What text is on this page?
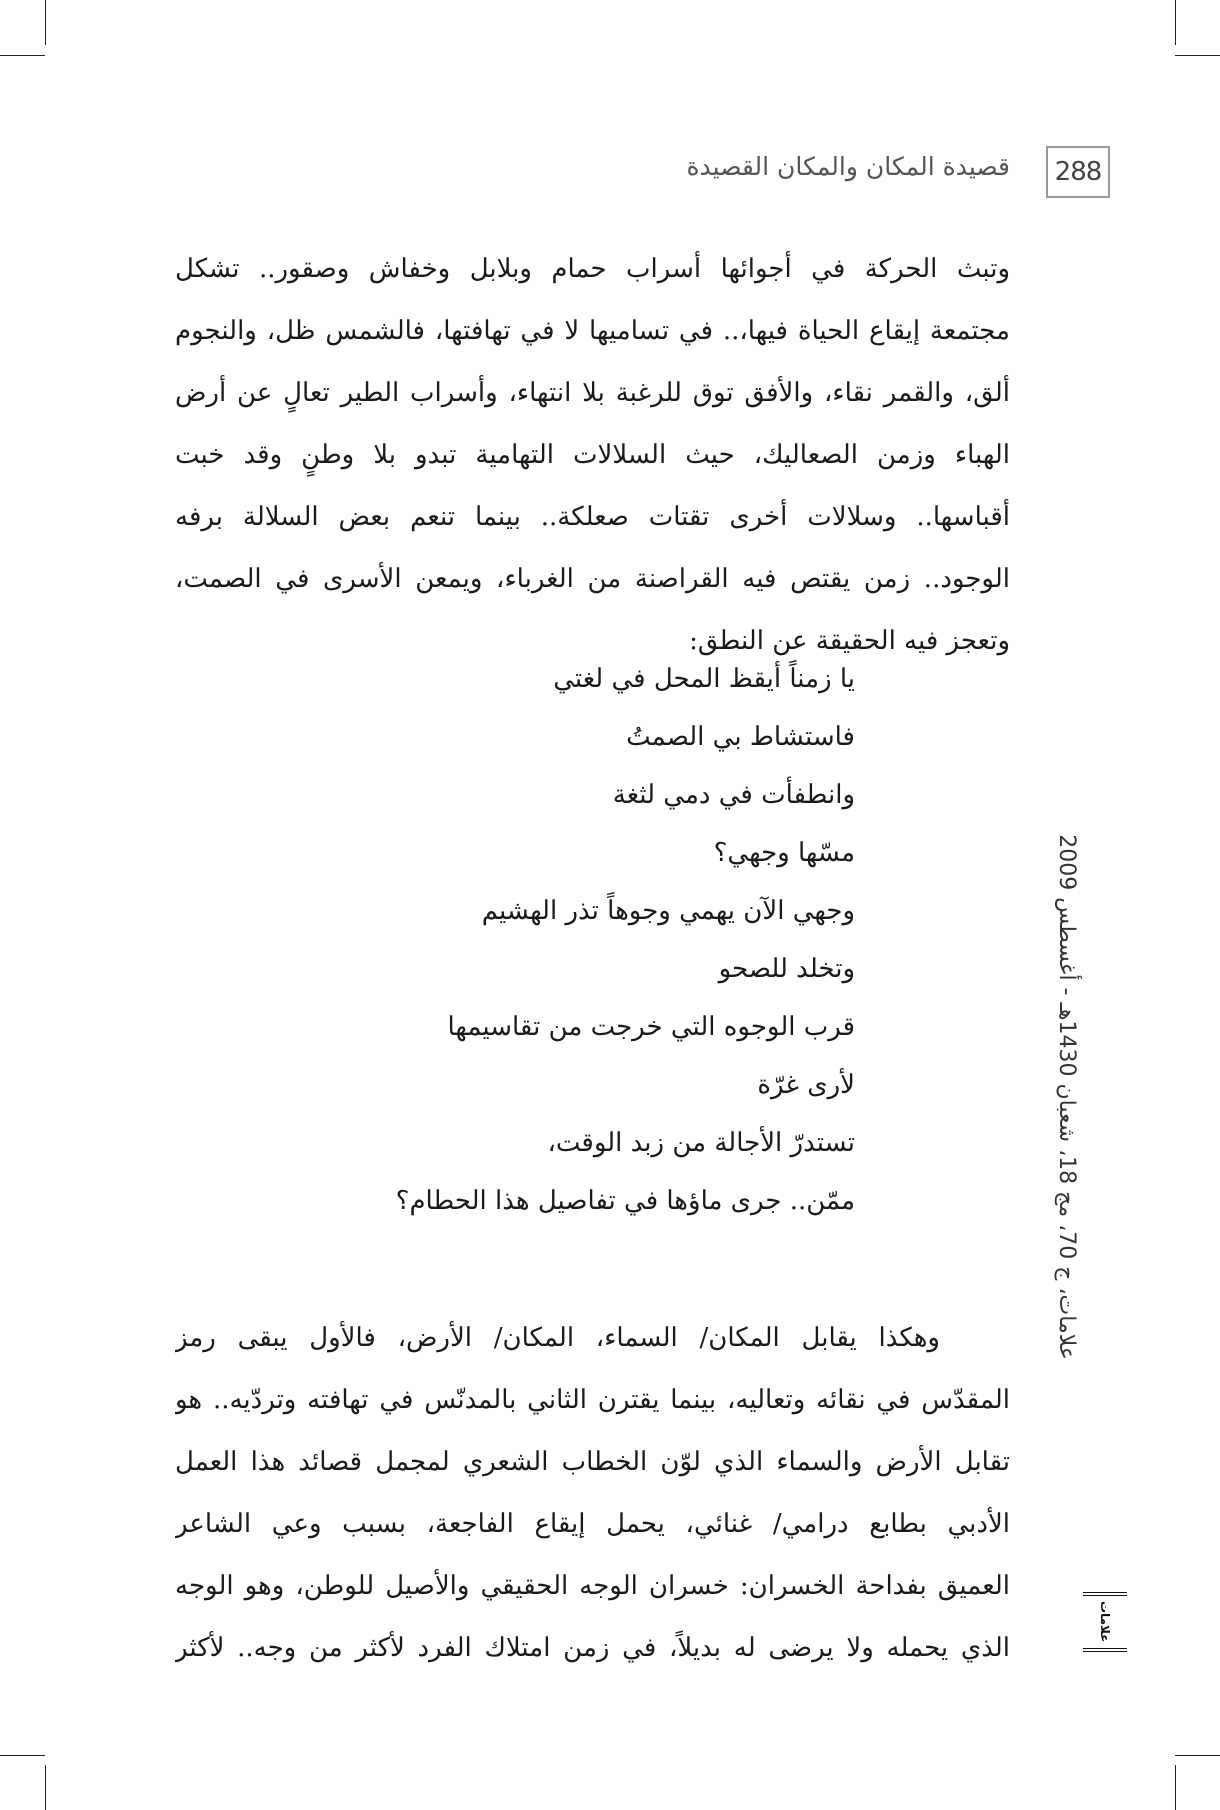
288
قصيدة المكان والمكان القصيدة
وتبث الحركة في أجوائها أسراب حمام وبلابل وخفاش وصقور.. تشكل
مجتمعة إيقاع الحياة فيها،.. في تساميها لا في تهافتها، فالشمس ظل، والنجوم
ألق، والقمر نقاء، والأفق توق للرغبة بلا انتهاء، وأسراب الطير تعالٍ عن أرض
الهباء وزمن الصعاليك، حيث السلالات التهامية تبدو بلا وطنٍ وقد خبت
أقباسها.. وسلالات أخرى تقتات صعلكة.. بينما تنعم بعض السلالة برفه
الوجود.. زمن يقتص فيه القراصنة من الغرباء، ويمعن الأسرى في الصمت،
وتعجز فيه الحقيقة عن النطق:
يا زمناً أيقظ المحل في لغتي
فاستشاط بي الصمتُ
وانطفأت في دمي لثغة
مسّها وجهي؟
وجهي الآن يهمي وجوهاً تذر الهشيم
وتخلد للصحو
قرب الوجوه التي خرجت من تقاسيمها
لأرى غرّة
تستدرّ الأجالة من زبد الوقت،
ممّن.. جرى ماؤها في تفاصيل هذا الحطام؟
وهكذا يقابل المكان/ السماء، المكان/ الأرض، فالأول يبقى رمز
المقدّس في نقائه وتعاليه، بينما يقترن الثاني بالمدنّس في تهافته وتردّيه.. هو
تقابل الأرض والسماء الذي لوّن الخطاب الشعري لمجمل قصائد هذا العمل
الأدبي بطابع درامي/ غنائي، يحمل إيقاع الفاجعة، بسبب وعي الشاعر
العميق بفداحة الخسران: خسران الوجه الحقيقي والأصيل للوطن، وهو الوجه
الذي يحمله ولا يرضى له بديلاً، في زمن امتلاك الفرد لأكثر من وجه.. لأكثر
علامات، ج 70، مج 18، شعبان 1430هـ - أغسطس 2009
علامات
